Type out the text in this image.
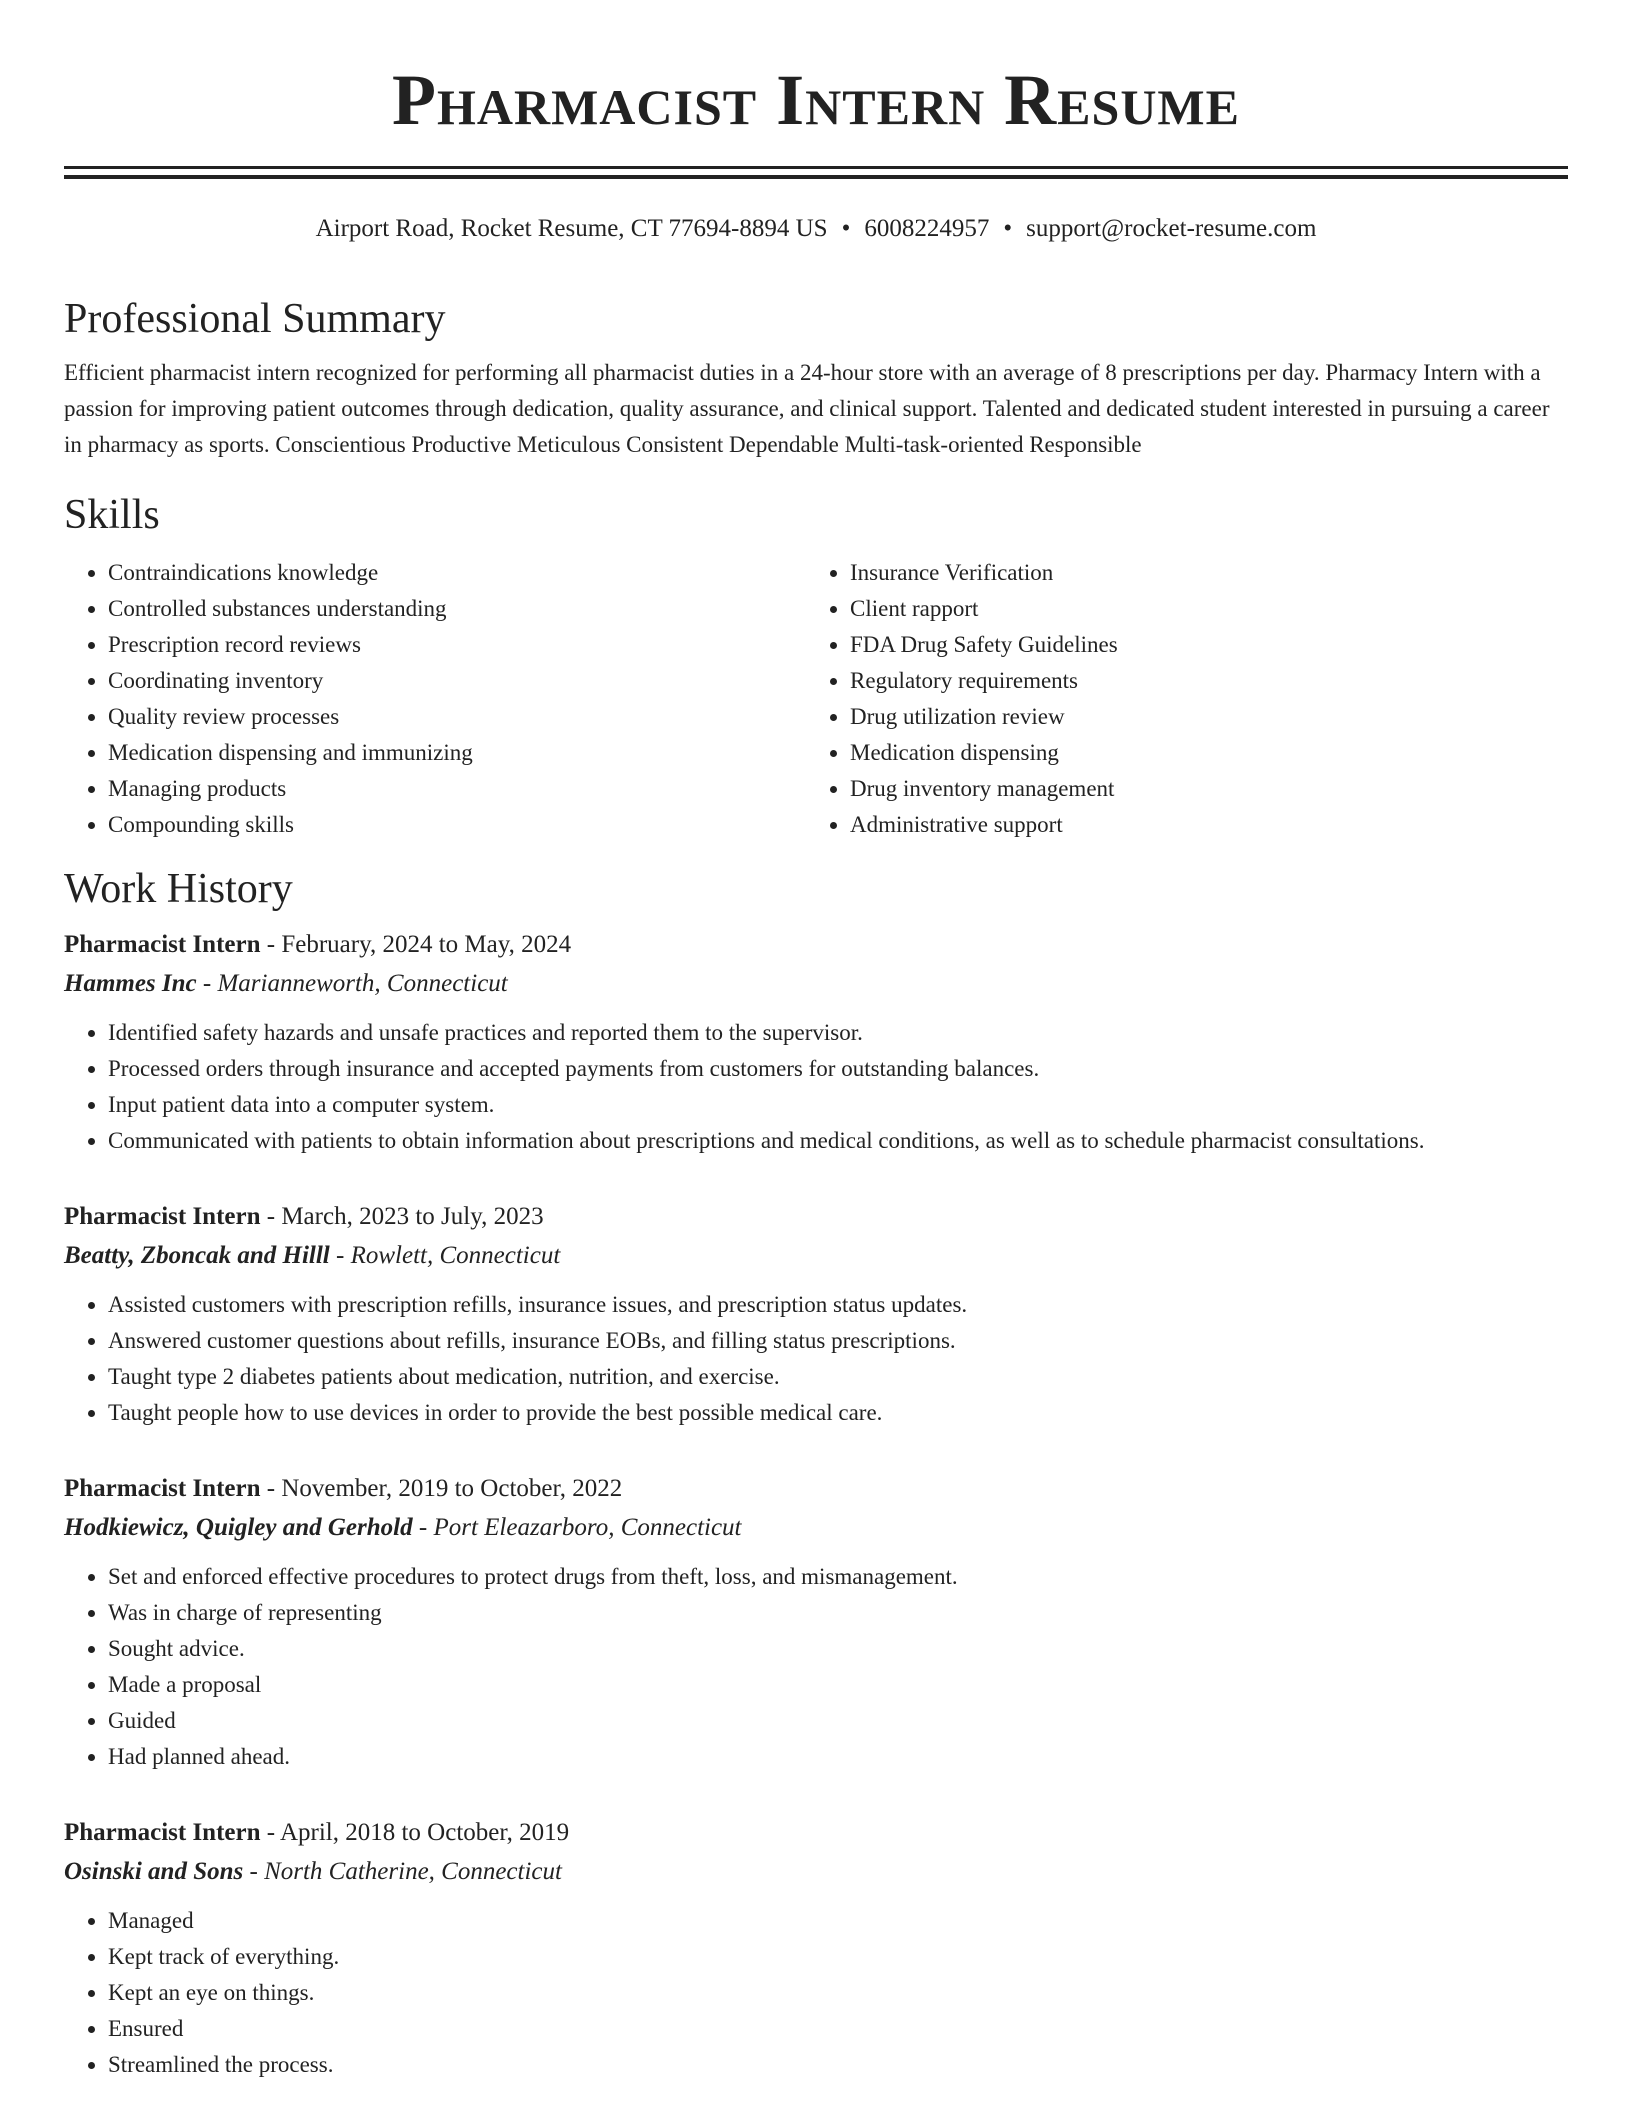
Pharmacist Intern Resume
Airport Road, Rocket Resume, CT 77694-8894 US • 6008224957 • support@rocket-resume.com
Professional Summary

Efficient pharmacist intern recognized for performing all pharmacist duties in a 24-hour store with an average of 8 prescriptions per day. Pharmacy Intern with a passion for improving patient outcomes through dedication, quality assurance, and clinical support. Talented and dedicated student interested in pursuing a career in pharmacy as sports. Conscientious Productive Meticulous Consistent Dependable Multi-task-oriented Responsible

Skills
• Contraindications knowledge
• Controlled substances understanding
• Prescription record reviews
• Coordinating inventory
• Quality review processes
• Medication dispensing and immunizing
• Managing products
• Compounding skills
• Insurance Verification
• Client rapport
• FDA Drug Safety Guidelines
• Regulatory requirements
• Drug utilization review
• Medication dispensing
• Drug inventory management
• Administrative support
Work History
Pharmacist Intern - February, 2024 to May, 2024
Hammes Inc - Marianneworth, Connecticut
• Identified safety hazards and unsafe practices and reported them to the supervisor.
• Processed orders through insurance and accepted payments from customers for outstanding balances.
• Input patient data into a computer system.
• Communicated with patients to obtain information about prescriptions and medical conditions, as well as to schedule pharmacist consultations.
Pharmacist Intern - March, 2023 to July, 2023
Beatty, Zboncak and Hilll - Rowlett, Connecticut
• Assisted customers with prescription refills, insurance issues, and prescription status updates.
• Answered customer questions about refills, insurance EOBs, and filling status prescriptions.
• Taught type 2 diabetes patients about medication, nutrition, and exercise.
• Taught people how to use devices in order to provide the best possible medical care.
Pharmacist Intern - November, 2019 to October, 2022
Hodkiewicz, Quigley and Gerhold - Port Eleazarboro, Connecticut
• Set and enforced effective procedures to protect drugs from theft, loss, and mismanagement.
• Was in charge of representing
• Sought advice.
• Made a proposal
• Guided
• Had planned ahead.
Pharmacist Intern - April, 2018 to October, 2019
Osinski and Sons - North Catherine, Connecticut
• Managed
• Kept track of everything.
• Kept an eye on things.
• Ensured
• Streamlined the process.
